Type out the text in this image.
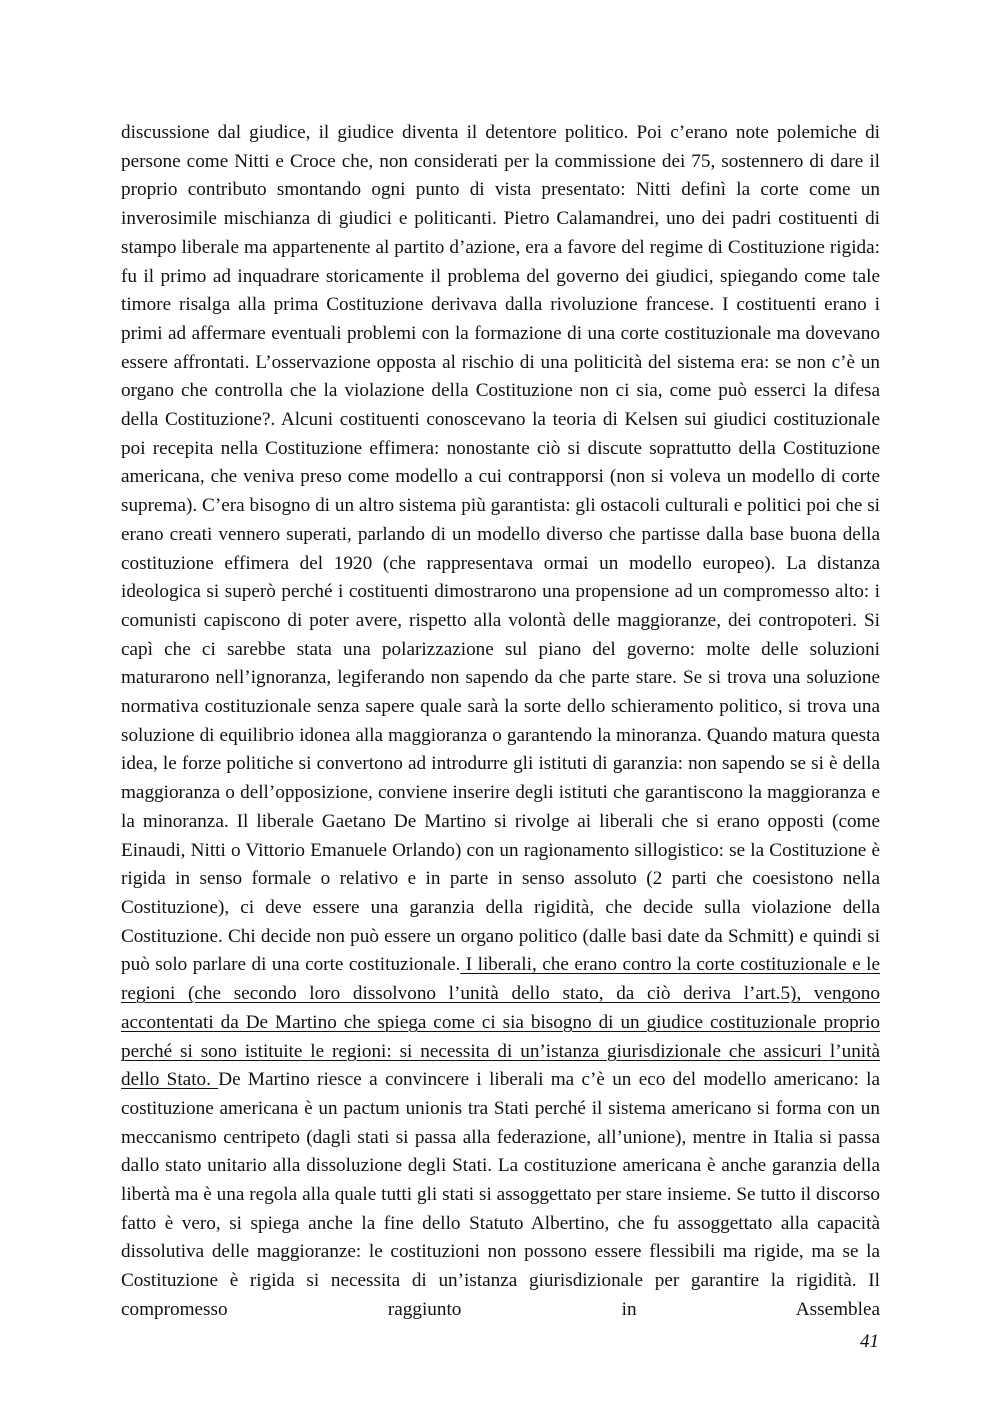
discussione dal giudice, il giudice diventa il detentore politico. Poi c’erano note polemiche di persone come Nitti e Croce che, non considerati per la commissione dei 75, sostennero di dare il proprio contributo smontando ogni punto di vista presentato: Nitti definì la corte come un inverosimile mischianza di giudici e politicanti. Pietro Calamandrei, uno dei padri costituenti di stampo liberale ma appartenente al partito d’azione, era a favore del regime di Costituzione rigida: fu il primo ad inquadrare storicamente il problema del governo dei giudici, spiegando come tale timore risalga alla prima Costituzione derivava dalla rivoluzione francese. I costituenti erano i primi ad affermare eventuali problemi con la formazione di una corte costituzionale ma dovevano essere affrontati. L’osservazione opposta al rischio di una politicità del sistema era: se non c’è un organo che controlla che la violazione della Costituzione non ci sia, come può esserci la difesa della Costituzione?. Alcuni costituenti conoscevano la teoria di Kelsen sui giudici costituzionale poi recepita nella Costituzione effimera: nonostante ciò si discute soprattutto della Costituzione americana, che veniva preso come modello a cui contrapporsi (non si voleva un modello di corte suprema). C’era bisogno di un altro sistema più garantista: gli ostacoli culturali e politici poi che si erano creati vennero superati, parlando di un modello diverso che partisse dalla base buona della costituzione effimera del 1920 (che rappresentava ormai un modello europeo). La distanza ideologica si superò perché i costituenti dimostrarono una propensione ad un compromesso alto: i comunisti capiscono di poter avere, rispetto alla volontà delle maggioranze, dei contropoteri. Si capì che ci sarebbe stata una polarizzazione sul piano del governo: molte delle soluzioni maturarono nell’ignoranza, legiferando non sapendo da che parte stare. Se si trova una soluzione normativa costituzionale senza sapere quale sarà la sorte dello schieramento politico, si trova una soluzione di equilibrio idonea alla maggioranza o garantendo la minoranza. Quando matura questa idea, le forze politiche si convertono ad introdurre gli istituti di garanzia: non sapendo se si è della maggioranza o dell’opposizione, conviene inserire degli istituti che garantiscono la maggioranza e la minoranza. Il liberale Gaetano De Martino si rivolge ai liberali che si erano opposti (come Einaudi, Nitti o Vittorio Emanuele Orlando) con un ragionamento sillogistico: se la Costituzione è rigida in senso formale o relativo e in parte in senso assoluto (2 parti che coesistono nella Costituzione), ci deve essere una garanzia della rigidità, che decide sulla violazione della Costituzione. Chi decide non può essere un organo politico (dalle basi date da Schmitt) e quindi si può solo parlare di una corte costituzionale. I liberali, che erano contro la corte costituzionale e le regioni (che secondo loro dissolvono l’unità dello stato, da ciò deriva l’art.5), vengono accontentati da De Martino che spiega come ci sia bisogno di un giudice costituzionale proprio perché si sono istituite le regioni: si necessita di un’istanza giurisdizionale che assicuri l’unità dello Stato. De Martino riesce a convincere i liberali ma c’è un eco del modello americano: la costituzione americana è un pactum unionis tra Stati perché il sistema americano si forma con un meccanismo centripeto (dagli stati si passa alla federazione, all’unione), mentre in Italia si passa dallo stato unitario alla dissoluzione degli Stati. La costituzione americana è anche garanzia della libertà ma è una regola alla quale tutti gli stati si assoggettato per stare insieme. Se tutto il discorso fatto è vero, si spiega anche la fine dello Statuto Albertino, che fu assoggettato alla capacità dissolutiva delle maggioranze: le costituzioni non possono essere flessibili ma rigide, ma se la Costituzione è rigida si necessita di un’istanza giurisdizionale per garantire la rigidità. Il compromesso raggiunto in Assemblea

41
